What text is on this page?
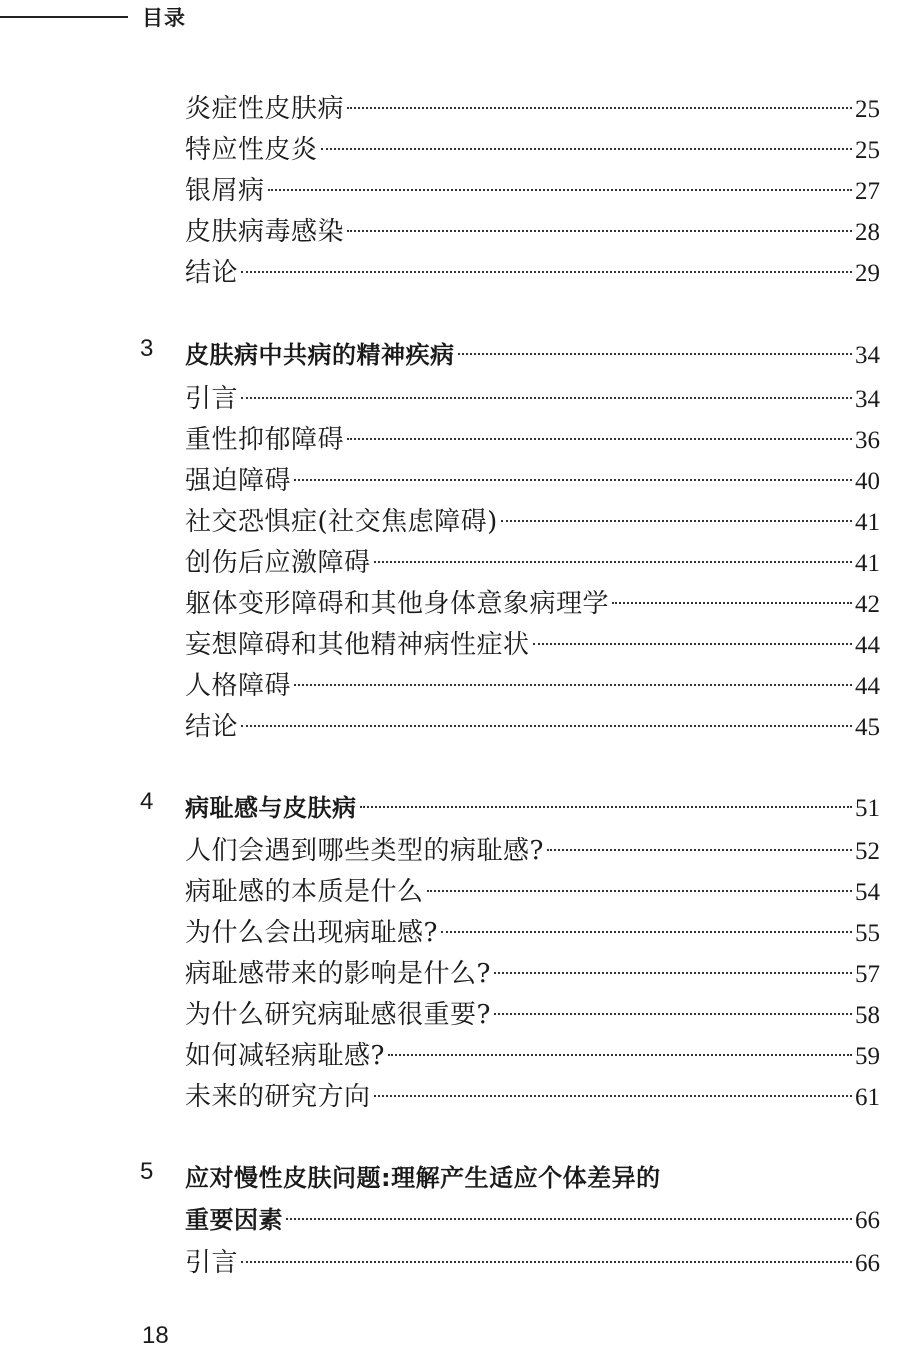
目录
炎症性皮肤病	25
特应性皮炎	25
银屑病	27
皮肤病毒感染	28
结论	29
3 皮肤病中共病的精神疾病	34
引言	34
重性抑郁障碍	36
强迫障碍	40
社交恐惧症(社交焦虑障碍)	41
创伤后应激障碍	41
躯体变形障碍和其他身体意象病理学	42
妄想障碍和其他精神病性症状	44
人格障碍	44
结论	45
4 病耻感与皮肤病	51
人们会遇到哪些类型的病耻感?	52
病耻感的本质是什么	54
为什么会出现病耻感?	55
病耻感带来的影响是什么?	57
为什么研究病耻感很重要?	58
如何减轻病耻感?	59
未来的研究方向	61
5 应对慢性皮肤问题:理解产生适应个体差异的
重要因素	66
引言	66
18
